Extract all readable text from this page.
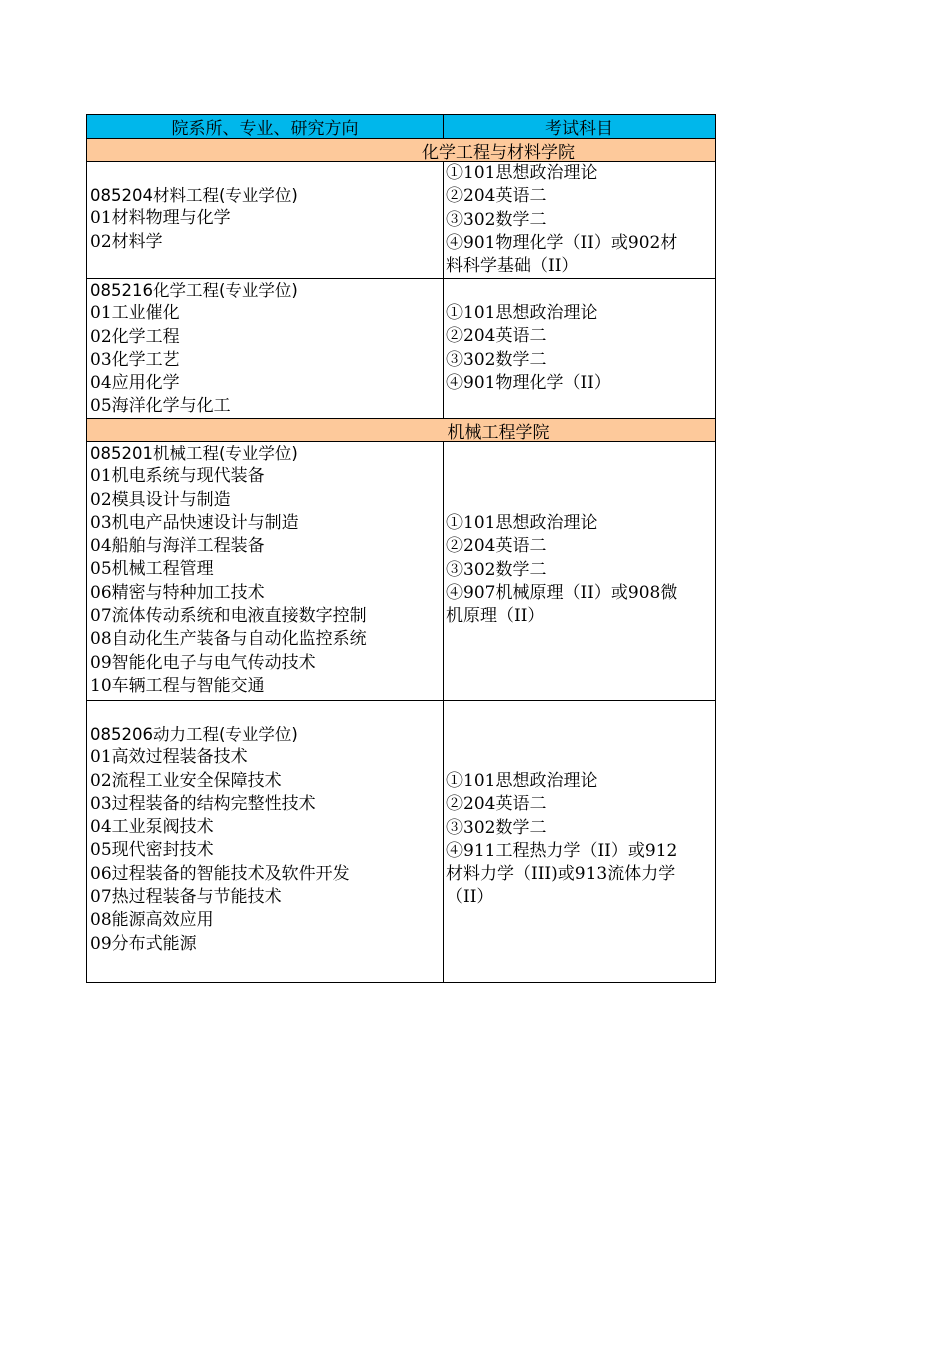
院系所、专业、研究方向	考试科目
化学工程与材料学院
085204材料工程(专业学位)
01材料物理与化学
02材料学
①101思想政治理论
②204英语二
③302数学二
④901物理化学（II）或902材
料科学基础（II）
085216化学工程(专业学位)
01工业催化
02化学工程
03化学工艺
04应用化学
05海洋化学与化工
①101思想政治理论
②204英语二
③302数学二
④901物理化学（II）
机械工程学院
085201机械工程(专业学位)
01机电系统与现代装备
02模具设计与制造
03机电产品快速设计与制造
04船舶与海洋工程装备
05机械工程管理
06精密与特种加工技术
07流体传动系统和电液直接数字控制
08自动化生产装备与自动化监控系统
09智能化电子与电气传动技术
10车辆工程与智能交通
①101思想政治理论
②204英语二
③302数学二
④907机械原理（II）或908微
机原理（II）
085206动力工程(专业学位)
01高效过程装备技术
02流程工业安全保障技术
03过程装备的结构完整性技术
04工业泵阀技术
05现代密封技术
06过程装备的智能技术及软件开发
07热过程装备与节能技术
08能源高效应用
09分布式能源
①101思想政治理论
②204英语二
③302数学二
④911工程热力学（II）或912
材料力学（III)或913流体力学
（II）
